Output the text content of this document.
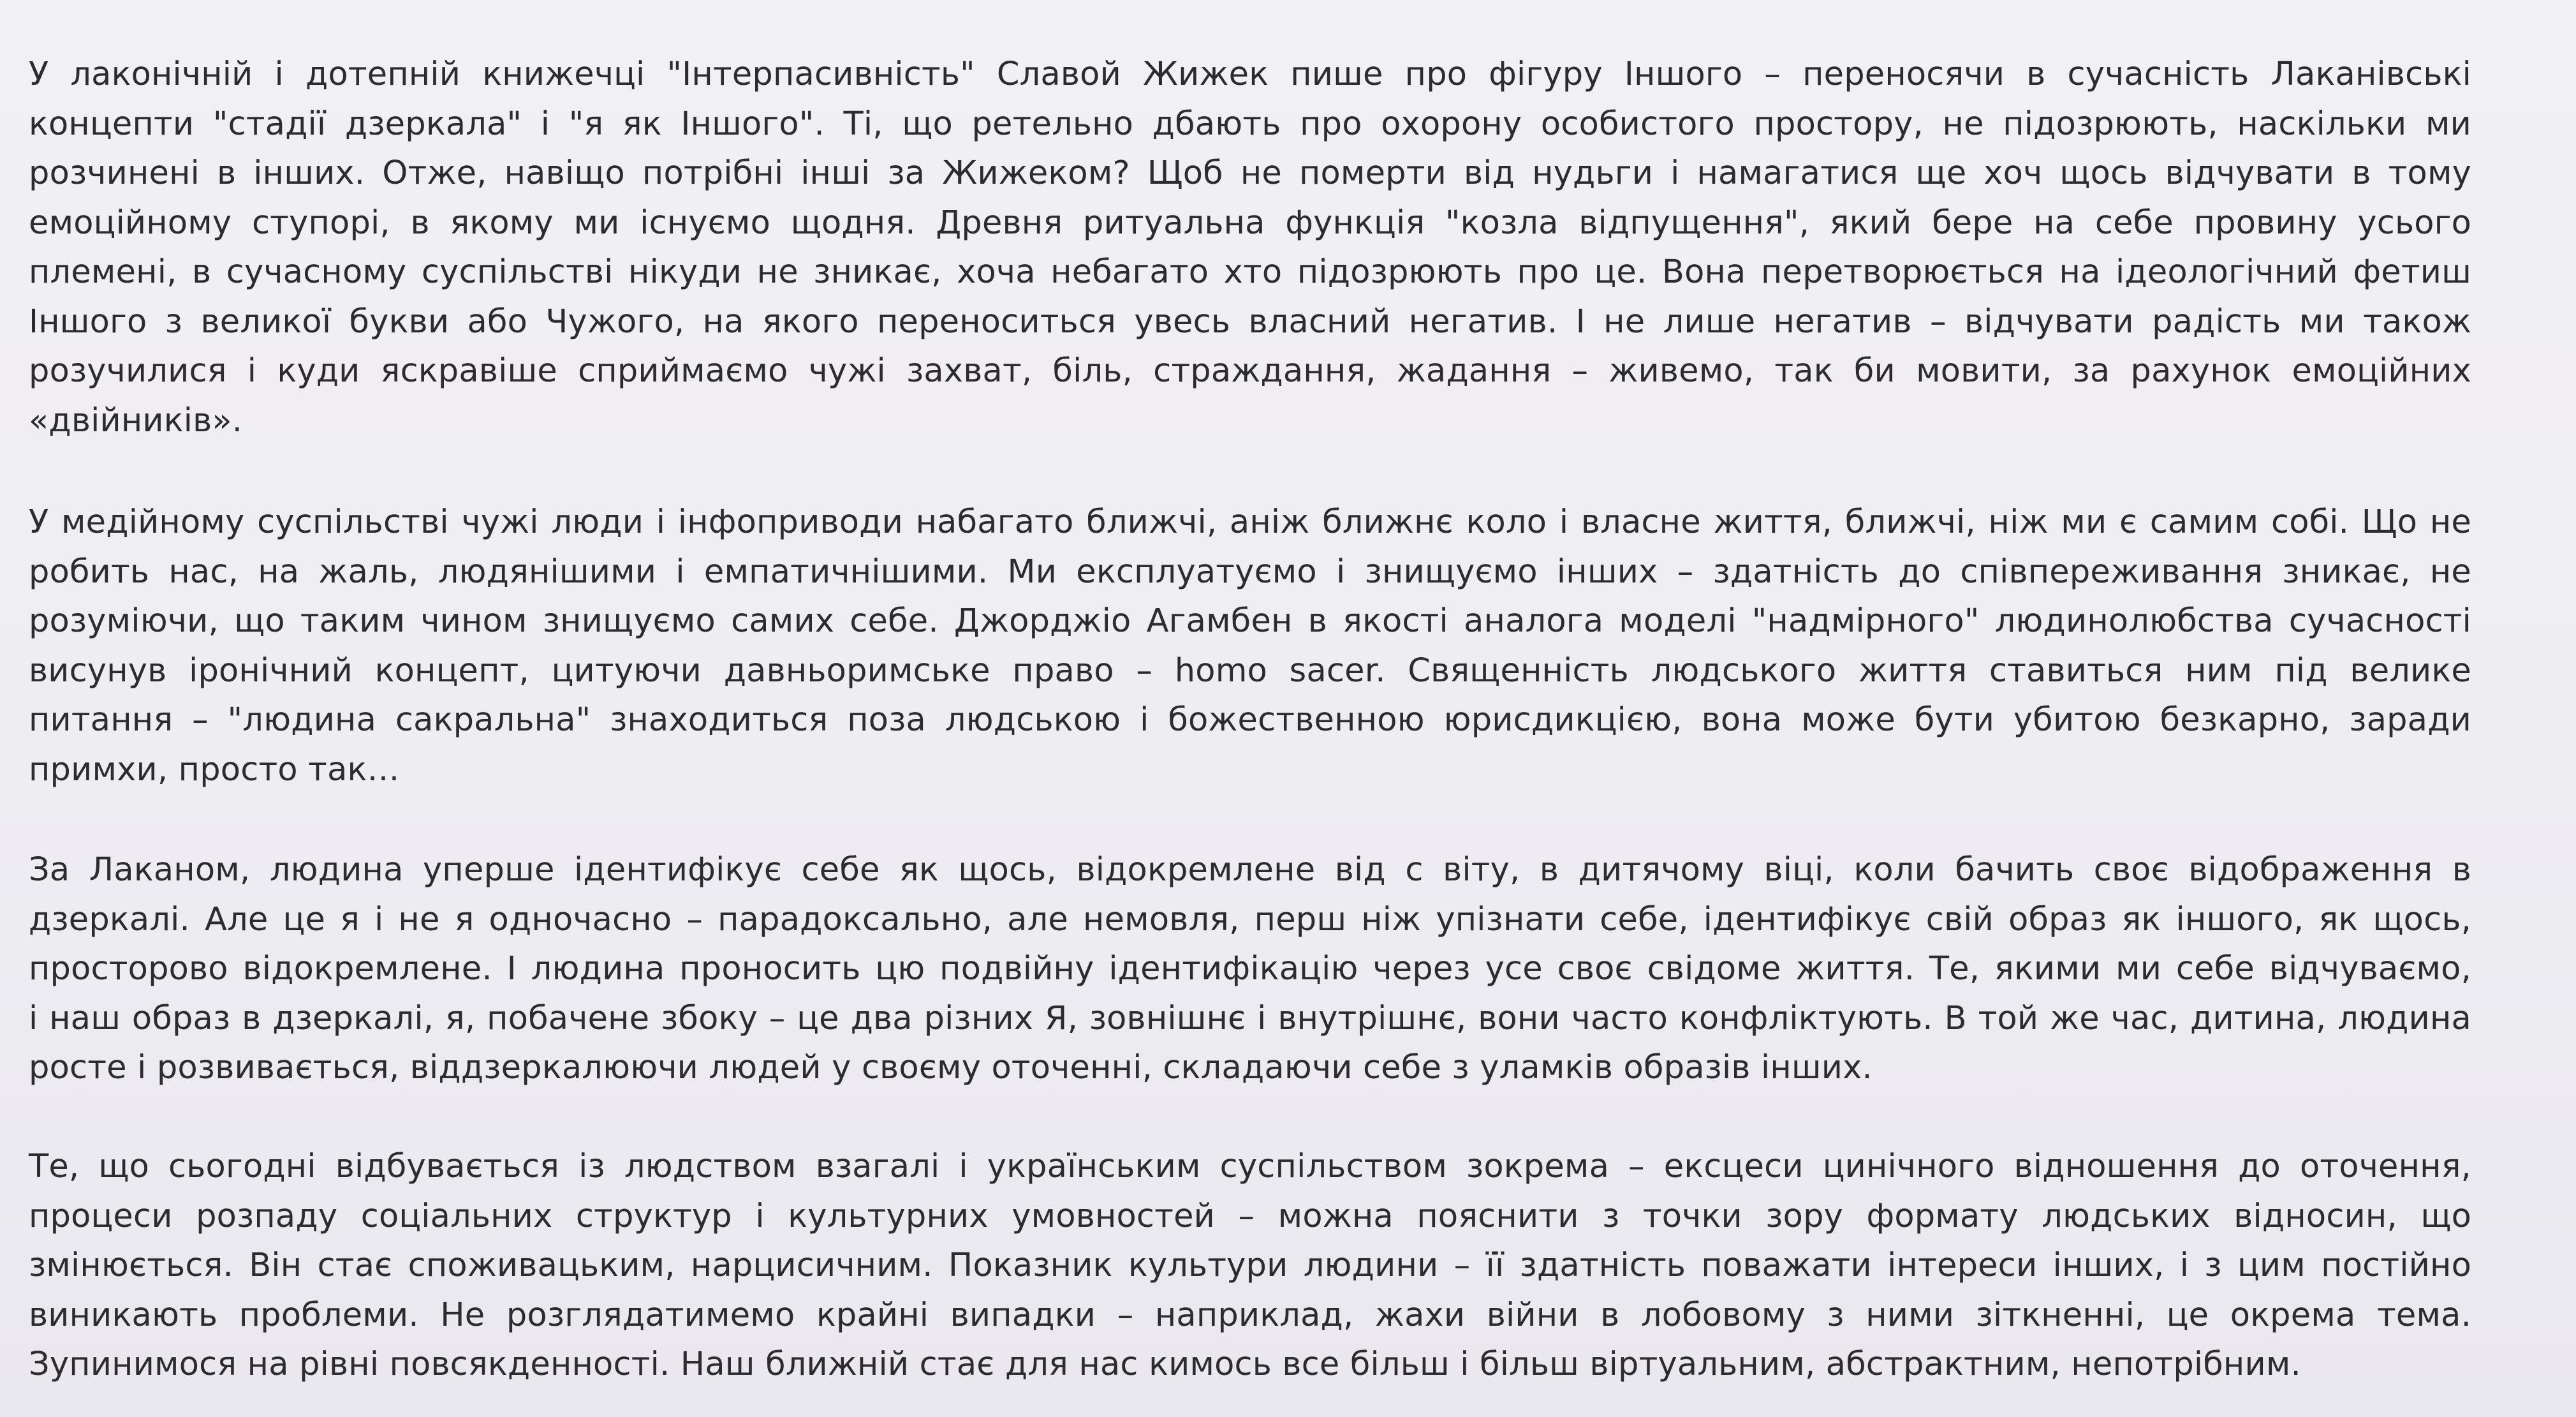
У лаконічній і дотепній книжечці "Інтерпасивність" Славой Жижек пише про фігуру Іншого – переносячи в сучасність Лаканівські
концепти "стадії дзеркала" і "я як Іншого". Ті, що ретельно дбають про охорону особистого простору, не підозрюють, наскільки ми
розчинені в інших. Отже, навіщо потрібні інші за Жижеком? Щоб не померти від нудьги і намагатися ще хоч щось відчувати в тому
емоційному ступорі, в якому ми існуємо щодня. Древня ритуальна функція "козла відпущення", який бере на себе провину усього
племені, в сучасному суспільстві нікуди не зникає, хоча небагато хто підозрюють про це. Вона перетворюється на ідеологічний фетиш
Іншого з великої букви або Чужого, на якого переноситься увесь власний негатив. І не лише негатив – відчувати радість ми також
розучилися і куди яскравіше сприймаємо чужі захват, біль, страждання, жадання – живемо, так би мовити, за рахунок емоційних
«двійників».
У медійному суспільстві чужі люди і інфоприводи набагато ближчі, аніж ближнє коло і власне життя, ближчі, ніж ми є самим собі. Що не
робить нас, на жаль, людянішими і емпатичнішими. Ми експлуатуємо і знищуємо інших – здатність до співпереживання зникає, не
розуміючи, що таким чином знищуємо самих себе. Джорджіо Агамбен в якості аналога моделі "надмірного" людинолюбства сучасності
висунув іронічний концепт, цитуючи давньоримське право – homo sacer. Священність людського життя ставиться ним під велике
питання – "людина сакральна" знаходиться поза людською і божественною юрисдикцією, вона може бути убитою безкарно, заради
примхи, просто так…
За Лаканом, людина уперше ідентифікує себе як щось, відокремлене від с віту, в дитячому віці, коли бачить своє відображення в
дзеркалі. Але це я і не я одночасно – парадоксально, але немовля, перш ніж упізнати себе, ідентифікує свій образ як іншого, як щось,
просторово відокремлене. І людина проносить цю подвійну ідентифікацію через усе своє свідоме життя. Те, якими ми себе відчуваємо,
і наш образ в дзеркалі, я, побачене збоку – це два різних Я, зовнішнє і внутрішнє, вони часто конфліктують. В той же час, дитина, людина
росте і розвивається, віддзеркалюючи людей у своєму оточенні, складаючи себе з уламків образів інших.
Те, що сьогодні відбувається із людством взагалі і українським суспільством зокрема – ексцеси цинічного відношення до оточення,
процеси розпаду соціальних структур і культурних умовностей – можна пояснити з точки зору формату людських відносин, що
змінюється. Він стає споживацьким, нарцисичним. Показник культури людини – її здатність поважати інтереси інших, і з цим постійно
виникають проблеми. Не розглядатимемо крайні випадки – наприклад, жахи війни в лобовому з ними зіткненні, це окрема тема.
Зупинимося на рівні повсякденності. Наш ближній стає для нас кимось все більш і більш віртуальним, абстрактним, непотрібним.
